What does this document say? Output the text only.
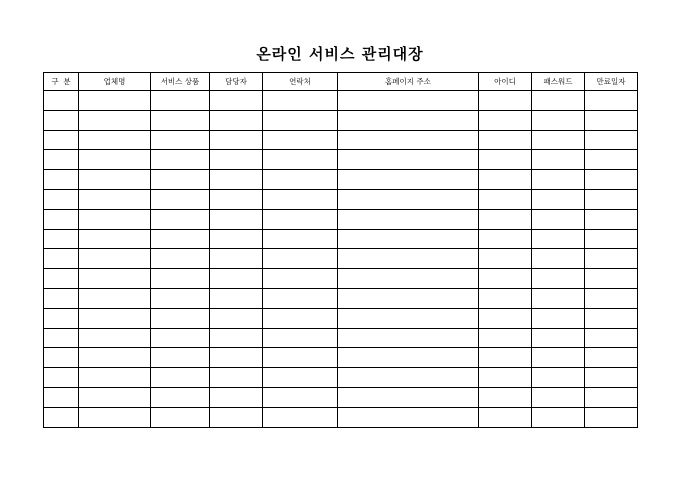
온라인 서비스 관리대장
구  분	업체명	서비스 상품	담당자	연락처	홈페이지 주소	아이디	패스워드	만료일자
